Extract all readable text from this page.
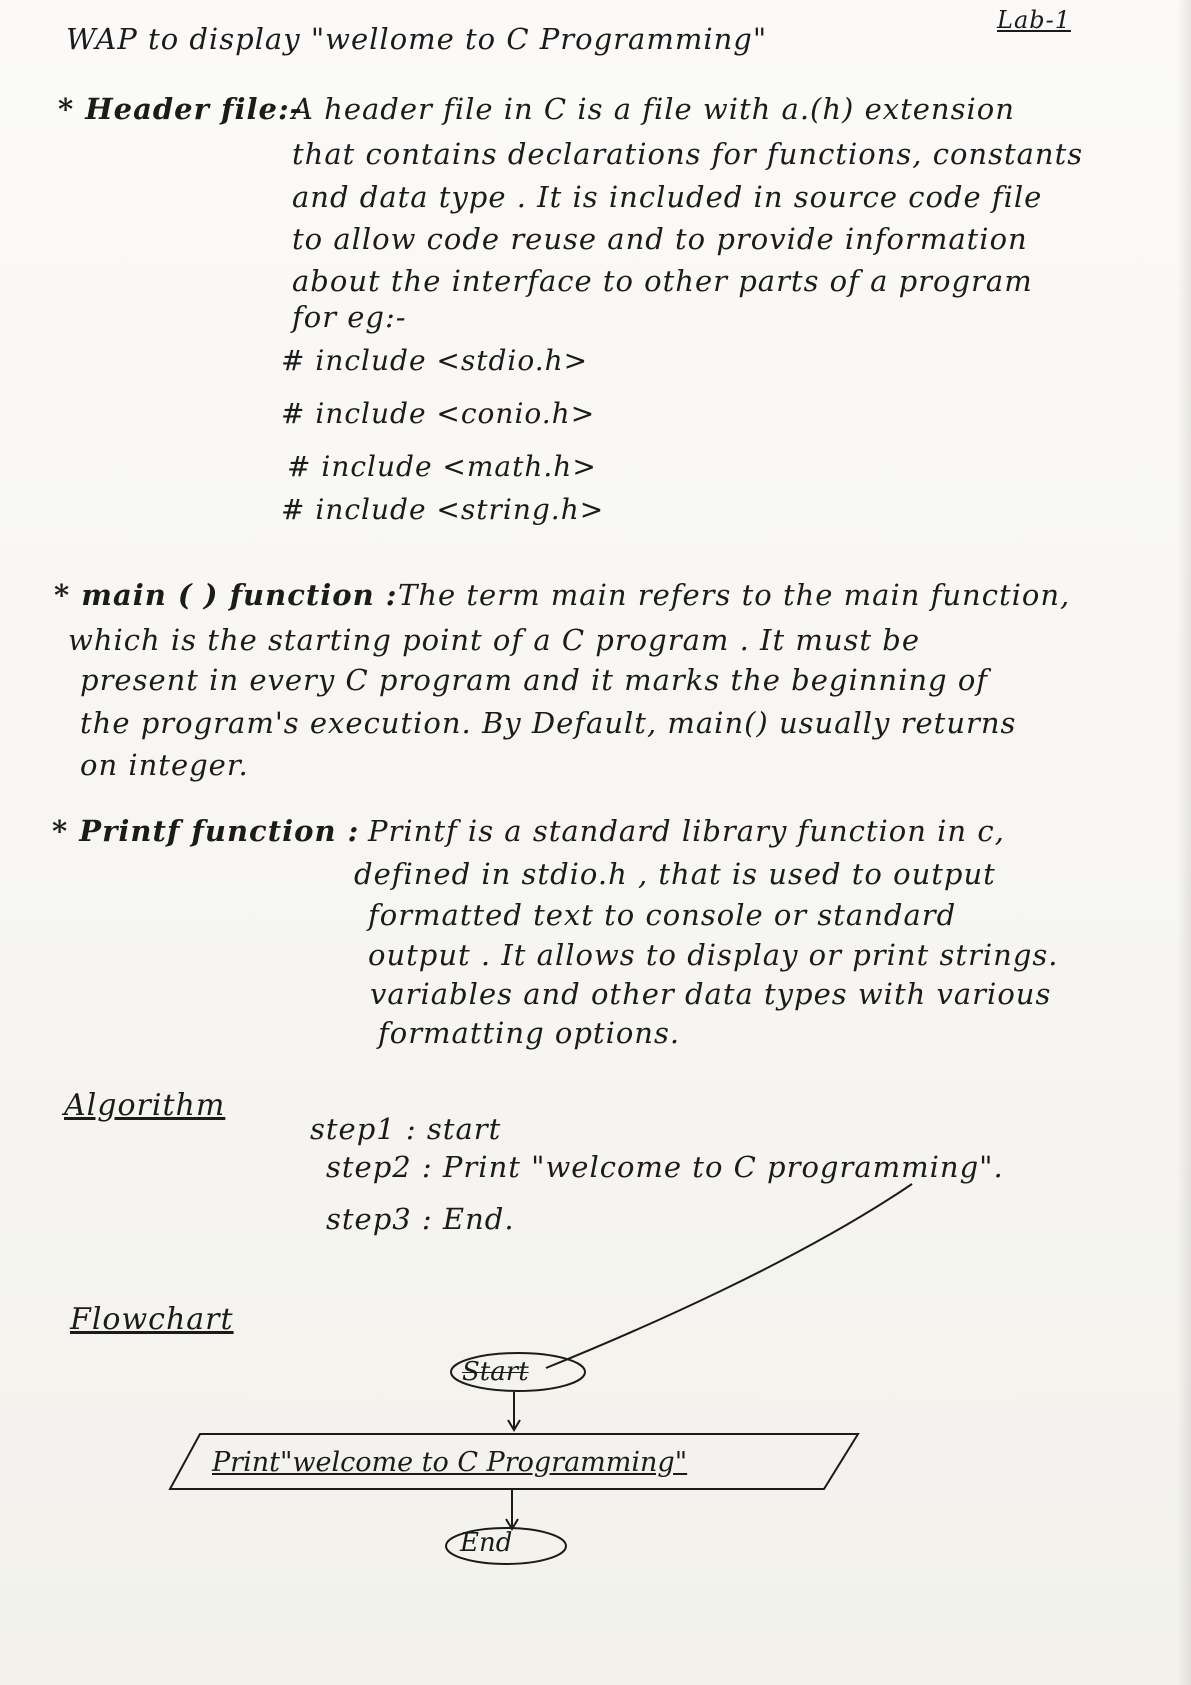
Lab-1
WAP to display "wellome to C Programming"
* Header file:-
A header file in C is a file with a.(h) extension
that contains declarations for functions, constants
and data type . It is included in source code file
to allow code reuse and to provide information
about the interface to other parts of a program
for eg:-
# include <stdio.h>
# include <conio.h>
# include <math.h>
# include <string.h>
* main ( ) function : The term main refers to the main function,
which is the starting point of a C program . It must be
present in every C program and it marks the beginning of
the program's execution. By Default, main() usually returns
on integer.
* Printf function : Printf is a standard library function in c,
defined in stdio.h , that is used to output
formatted text to console or standard
output . It allows to display or print strings.
variables and other data types with various
formatting options.
Algorithm
step1 : start
step2 : Print "welcome to C programming".
step3 : End.
Flowchart
Start
Print"welcome to C Programming"
End
